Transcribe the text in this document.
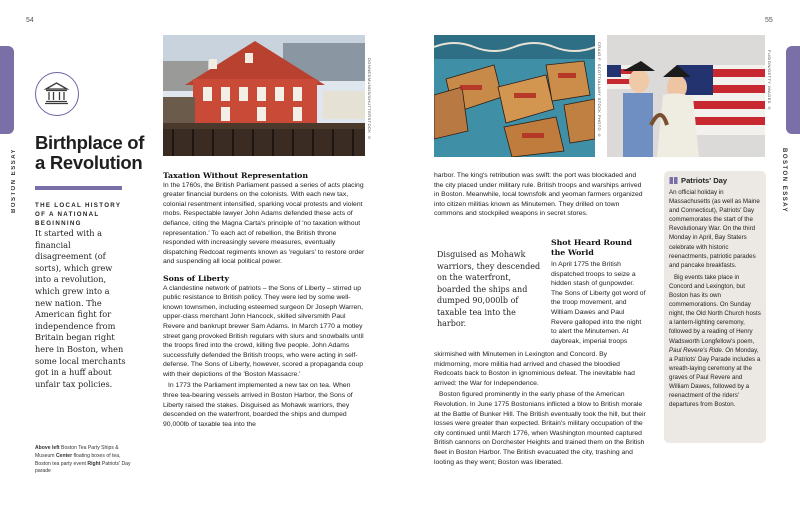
54	55
BOSTON ESSAY	BOSTON ESSAY
Birthplace of
a Revolution
THE LOCAL HISTORY
OF A NATIONAL
BEGINNING
It started with a financial disagreement (of sorts), which grew into a revolution, which grew into a new nation. The American fight for independence from Britain began right here in Boston, when some local merchants got in a huff about unfair tax policies.
Above left Boston Tea Party Ships & Museum Center floating boxes of tea, Boston tea party event Right Patriots' Day parade
DONNEDMUNDS/SHUTTERSTOCK ©	CRAIG F. SCOTT/ALAMY STOCK PHOTO ©	FUSION/GETTY IMAGES ©
Taxation Without Representation

In the 1760s, the British Parliament passed a series of acts placing greater financial burdens on the colonists. With each new tax, colonial resentment intensified, sparking vocal protests and violent mobs. Respectable lawyer John Adams defended these acts of defiance, citing the Magna Carta's principle of 'no taxation without representation.' To each act of rebellion, the British throne responded with increasingly severe measures, eventually dispatching Redcoat regiments known as 'regulars' to restore order and suspending all local political power.

Sons of Liberty

A clandestine network of patriots – the Sons of Liberty – stirred up public resistance to British policy. They were led by some well-known townsmen, including esteemed surgeon Dr Joseph Warren, upper-class merchant John Hancock, skilled silversmith Paul Revere and bankrupt brewer Sam Adams. In March 1770 a motley street gang provoked British regulars with slurs and snowballs until the troops fired into the crowd, killing five people. John Adams successfully defended the British troops, who were acting in self-defense. The Sons of Liberty, however, scored a propaganda coup with their depictions of the 'Boston Massacre.'

In 1773 the Parliament implemented a new tax on tea. When three tea-bearing vessels arrived in Boston Harbor, the Sons of Liberty raised the stakes. Disguised as Mohawk warriors, they descended on the waterfront, boarded the ships and dumped 90,000lb of taxable tea into the

harbor. The king's retribution was swift: the port was blockaded and the city placed under military rule. British troops and warships arrived in Boston. Meanwhile, local townsfolk and yeoman farmers organized into citizen militias known as Minutemen. They drilled on town commons and stockpiled weapons in secret stores.

Disguised as Mohawk warriors, they descended on the waterfront, boarded the ships and dumped 90,000lb of taxable tea into the harbor.
Shot Heard Round the World

In April 1775 the British dispatched troops to seize a hidden stash of gunpowder. The Sons of Liberty got word of the troop movement, and William Dawes and Paul Revere galloped into the night to alert the Minutemen. At daybreak, imperial troops

skirmished with Minutemen in Lexington and Concord. By midmorning, more militia had arrived and chased the bloodied Redcoats back to Boston in ignominious defeat. The inevitable had arrived: the War for Independence.

Boston figured prominently in the early phase of the American Revolution. In June 1775 Bostonians inflicted a blow to British morale at the Battle of Bunker Hill. The British eventually took the hill, but their losses were greater than expected. Britain's military occupation of the city continued until March 1776, when Washington mounted captured British cannons on Dorchester Heights and trained them on the British fleet in Boston Harbor. The British evacuated the city, trashing and looting as they went; Boston was liberated.

Patriots' Day

An official holiday in Massachusetts (as well as Maine and Connecticut), Patriots' Day commemorates the start of the Revolutionary War. On the third Monday in April, Bay Staters celebrate with historic reenactments, patriotic parades and pancake breakfasts.

Big events take place in Concord and Lexington, but Boston has its own commemorations. On Sunday night, the Old North Church hosts a lantern-lighting ceremony, followed by a reading of Henry Wadsworth Longfellow's poem, Paul Revere's Ride. On Monday, a Patriots' Day Parade includes a wreath-laying ceremony at the graves of Paul Revere and William Dawes, followed by a reenactment of the riders' departures from Boston.
